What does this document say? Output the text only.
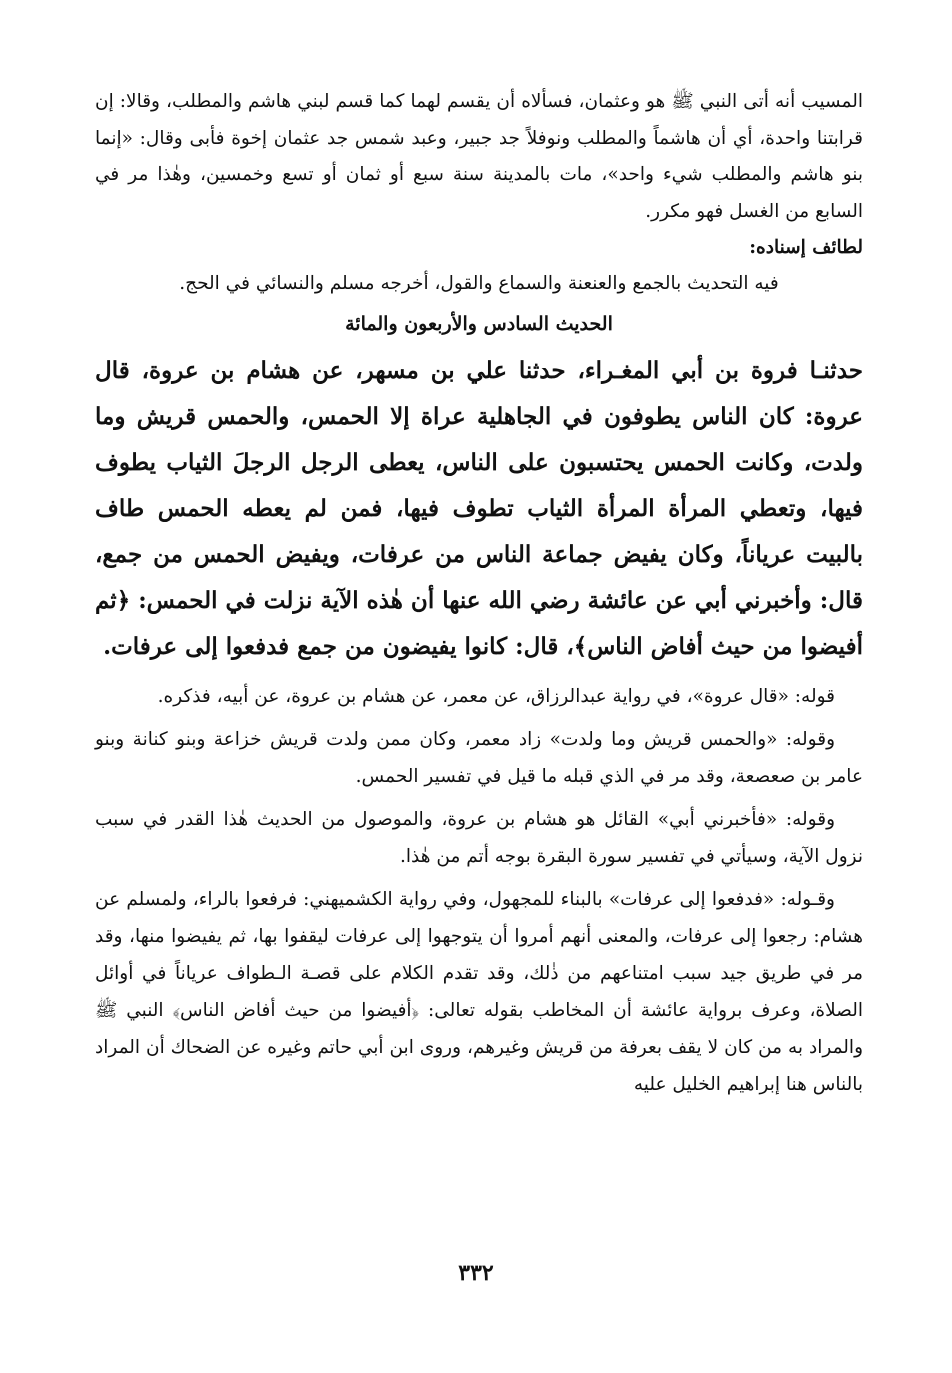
المسيب أنه أتى النبي ﷺ هو وعثمان، فسألاه أن يقسم لهما كما قسم لبني هاشم والمطلب، وقالا: إن قرابتنا واحدة، أي أن هاشماً والمطلب ونوفلاً جد جبير، وعبد شمس جد عثمان إخوة فأبى وقال: «إنما بنو هاشم والمطلب شيء واحد»، مات بالمدينة سنة سبع أو ثمان أو تسع وخمسين، وهٰذا مر في السابع من الغسل فهو مكرر.

لطائف إسناده:

فيه التحديث بالجمع والعنعنة والسماع والقول، أخرجه مسلم والنسائي في الحج.

الحديث السادس والأربعون والمائة

حدثنـا فروة بن أبي المغـراء، حدثنا علي بن مسهر، عن هشام بن عروة، قال عروة: كان الناس يطوفون في الجاهلية عراة إلا الحمس، والحمس قريش وما ولدت، وكانت الحمس يحتسبون على الناس، يعطى الرجل الرجلَ الثياب يطوف فيها، وتعطي المرأة المرأة الثياب تطوف فيها، فمن لم يعطه الحمس طاف بالبيت عرياناً، وكان يفيض جماعة الناس من عرفات، ويفيض الحمس من جمع، قال: وأخبرني أبي عن عائشة رضي الله عنها أن هٰذه الآية نزلت في الحمس: ﴿ثم أفيضوا من حيث أفاض الناس﴾، قال: كانوا يفيضون من جمع فدفعوا إلى عرفات.

قوله: «قال عروة»، في رواية عبدالرزاق، عن معمر، عن هشام بن عروة، عن أبيه، فذكره.

وقوله: «والحمس قريش وما ولدت» زاد معمر، وكان ممن ولدت قريش خزاعة وبنو كنانة وبنو عامر بن صعصعة، وقد مر في الذي قبله ما قيل في تفسير الحمس.

وقوله: «فأخبرني أبي» القائل هو هشام بن عروة، والموصول من الحديث هٰذا القدر في سبب نزول الآية، وسيأتي في تفسير سورة البقرة بوجه أتم من هٰذا.

وقـوله: «فدفعوا إلى عرفات» بالبناء للمجهول، وفي رواية الكشميهني: فرفعوا بالراء، ولمسلم عن هشام: رجعوا إلى عرفات، والمعنى أنهم أمروا أن يتوجهوا إلى عرفات ليقفوا بها، ثم يفيضوا منها، وقد مر في طريق جيد سبب امتناعهم من ذٰلك، وقد تقدم الكلام على قصـة الـطواف عرياناً في أوائل الصلاة، وعرف برواية عائشة أن المخاطب بقوله تعالى: ﴿أفيضوا من حيث أفاض الناس﴾ النبي ﷺ والمراد به من كان لا يقف بعرفة من قريش وغيرهم، وروى ابن أبي حاتم وغيره عن الضحاك أن المراد بالناس هنا إبراهيم الخليل عليه

٣٣٢
